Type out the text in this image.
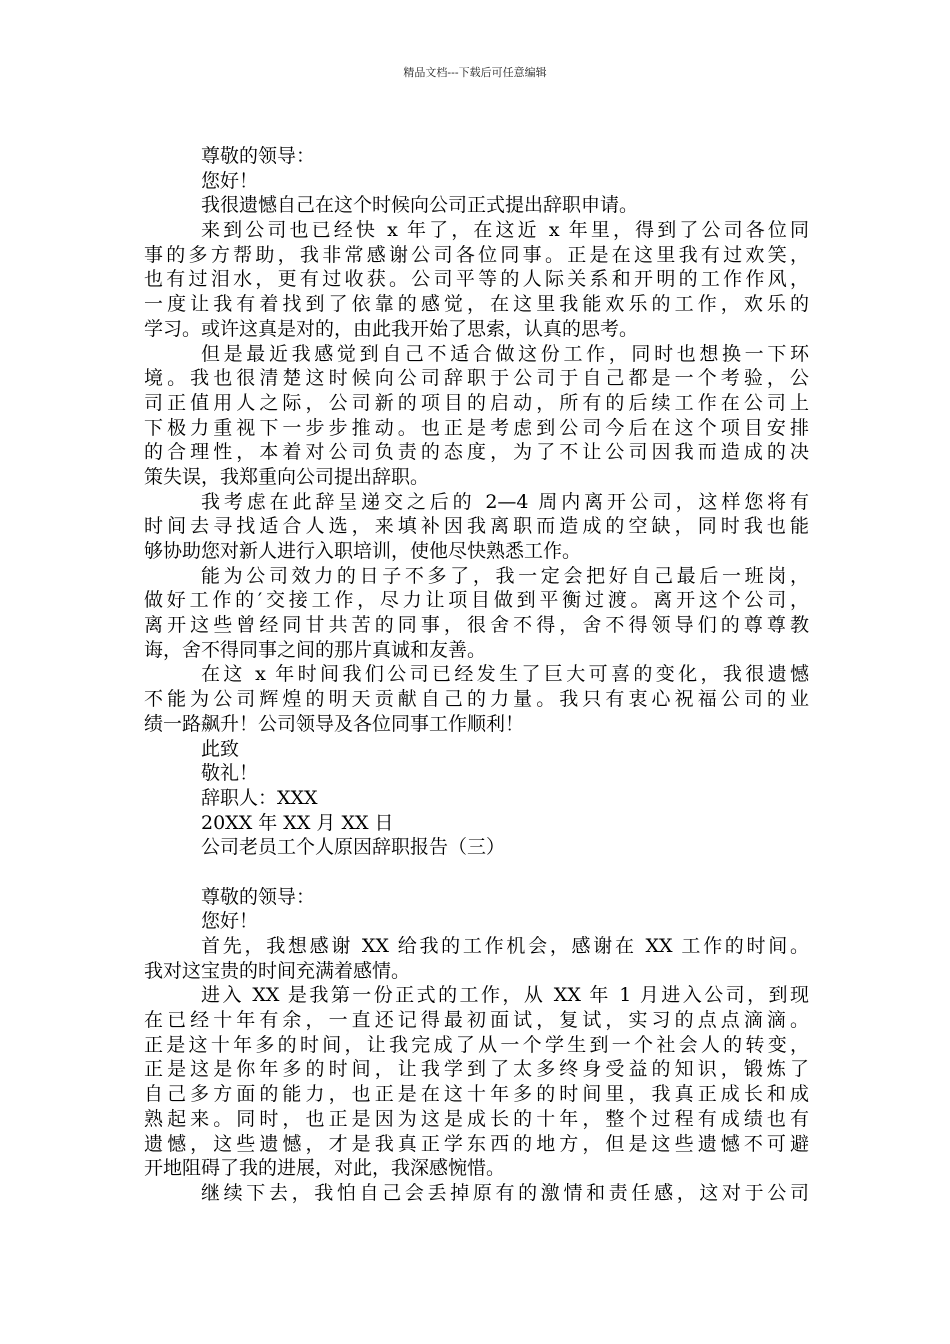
精品文档---下载后可任意编辑
尊敬的领导：
您好！
我很遗憾自己在这个时候向公司正式提出辞职申请。
来到公司也已经快 x 年了，在这近 x 年里，得到了公司各位同
事的多方帮助，我非常感谢公司各位同事。正是在这里我有过欢笑，
也有过泪水，更有过收获。公司平等的人际关系和开明的工作作风，
一度让我有着找到了依靠的感觉，在这里我能欢乐的工作，欢乐的
学习。或许这真是对的，由此我开始了思索，认真的思考。
但是最近我感觉到自己不适合做这份工作，同时也想换一下环
境。我也很清楚这时候向公司辞职于公司于自己都是一个考验，公
司正值用人之际，公司新的项目的启动，所有的后续工作在公司上
下极力重视下一步步推动。也正是考虑到公司今后在这个项目安排
的合理性，本着对公司负责的态度，为了不让公司因我而造成的决
策失误，我郑重向公司提出辞职。
我考虑在此辞呈递交之后的 2—4 周内离开公司，这样您将有
时间去寻找适合人选，来填补因我离职而造成的空缺，同时我也能
够协助您对新人进行入职培训，使他尽快熟悉工作。
能为公司效力的日子不多了，我一定会把好自己最后一班岗，
做好工作的′交接工作，尽力让项目做到平衡过渡。离开这个公司，
离开这些曾经同甘共苦的同事，很舍不得，舍不得领导们的尊尊教
诲，舍不得同事之间的那片真诚和友善。
在这 x 年时间我们公司已经发生了巨大可喜的变化，我很遗憾
不能为公司辉煌的明天贡献自己的力量。我只有衷心祝福公司的业
绩一路飙升！公司领导及各位同事工作顺利！
此致
敬礼！
辞职人：XXX
20XX 年 XX 月 XX 日
公司老员工个人原因辞职报告（三）

尊敬的领导：
您好！
首先，我想感谢 XX 给我的工作机会，感谢在 XX 工作的时间。
我对这宝贵的时间充满着感情。
进入 XX 是我第一份正式的工作，从 XX 年 1 月进入公司，到现
在已经十年有余，一直还记得最初面试，复试，实习的点点滴滴。
正是这十年多的时间，让我完成了从一个学生到一个社会人的转变，
正是这是你年多的时间，让我学到了太多终身受益的知识，锻炼了
自己多方面的能力，也正是在这十年多的时间里，我真正成长和成
熟起来。同时，也正是因为这是成长的十年，整个过程有成绩也有
遗憾，这些遗憾，才是我真正学东西的地方，但是这些遗憾不可避
开地阻碍了我的进展，对此，我深感惋惜。
继续下去，我怕自己会丢掉原有的激情和责任感，这对于公司
